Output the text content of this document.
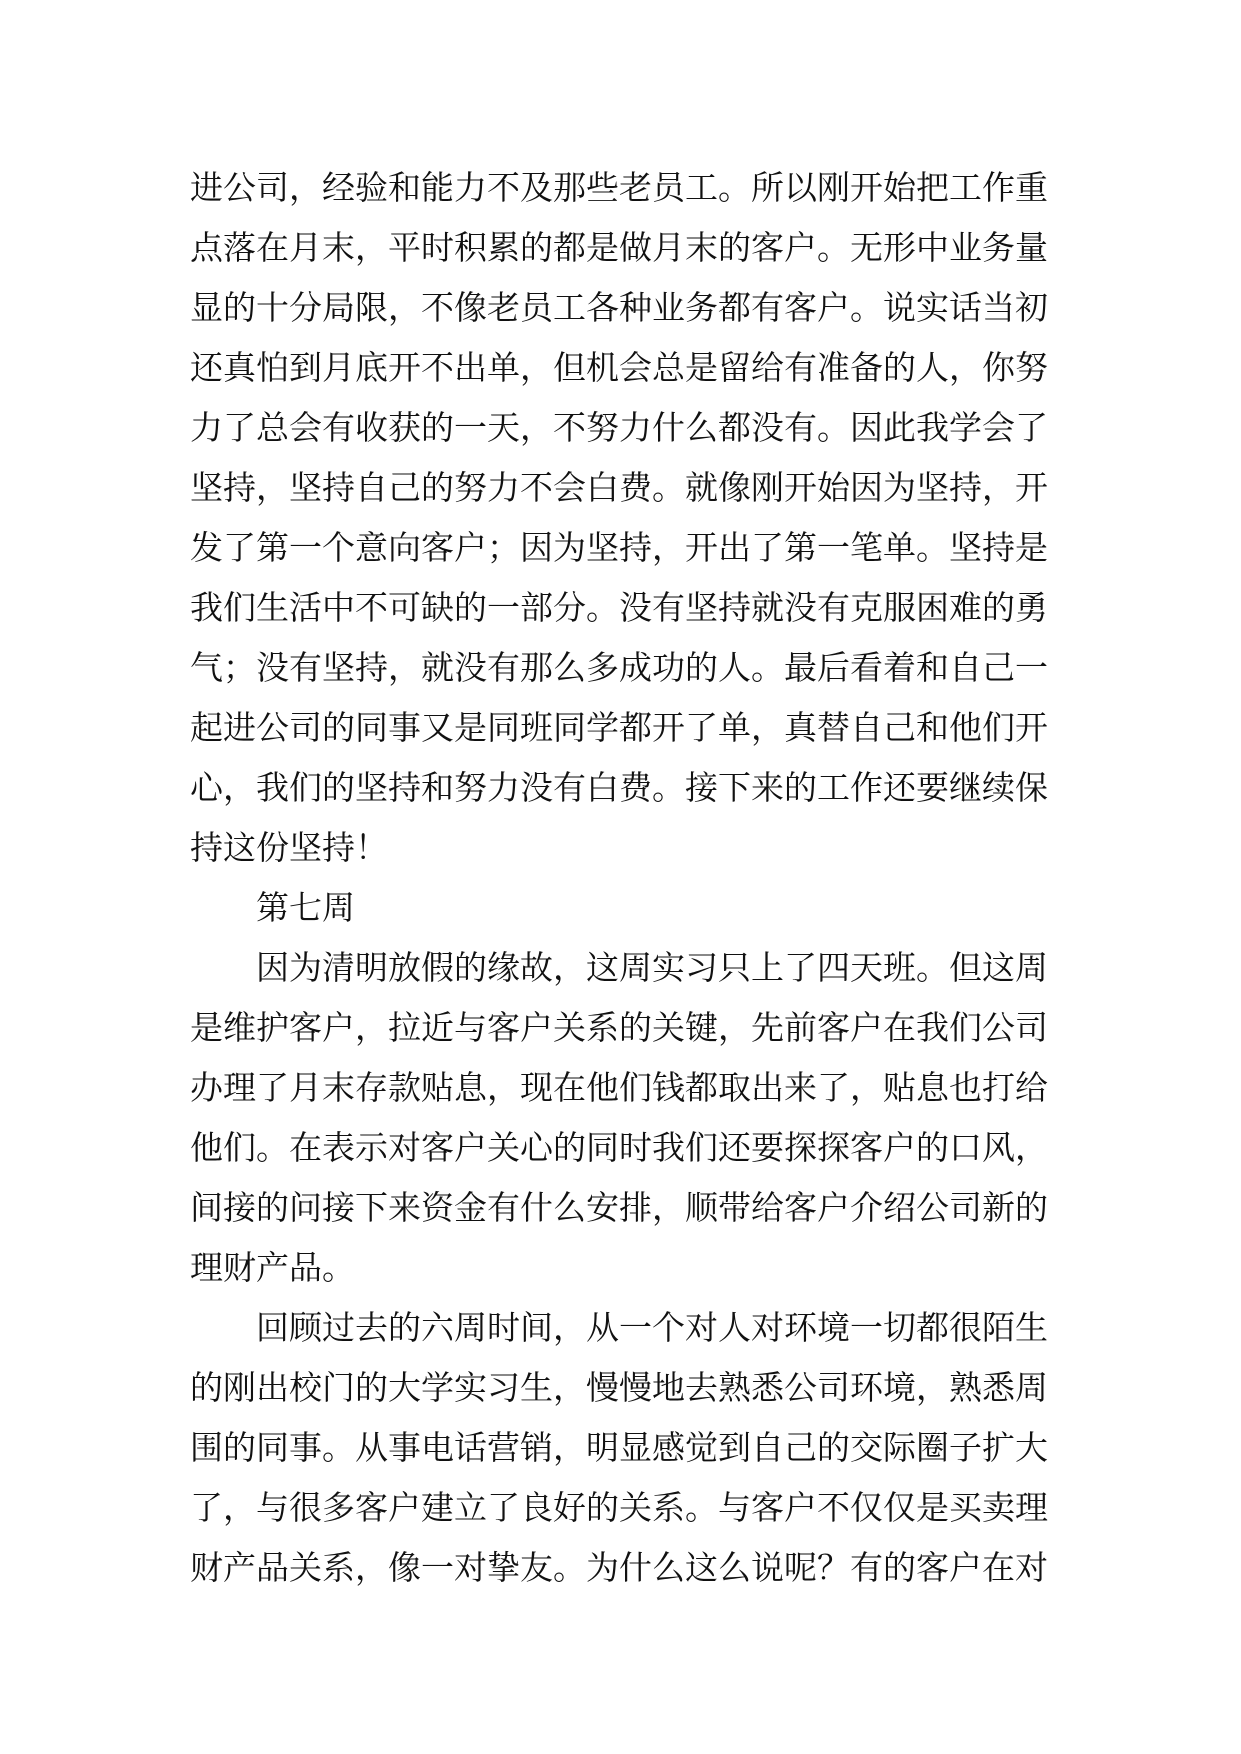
进公司，经验和能力不及那些老员工。所以刚开始把工作重
点落在月末，平时积累的都是做月末的客户。无形中业务量
显的十分局限，不像老员工各种业务都有客户。说实话当初
还真怕到月底开不出单，但机会总是留给有准备的人，你努
力了总会有收获的一天，不努力什么都没有。因此我学会了
坚持，坚持自己的努力不会白费。就像刚开始因为坚持，开
发了第一个意向客户；因为坚持，开出了第一笔单。坚持是
我们生活中不可缺的一部分。没有坚持就没有克服困难的勇
气；没有坚持，就没有那么多成功的人。最后看着和自己一
起进公司的同事又是同班同学都开了单，真替自己和他们开
心，我们的坚持和努力没有白费。接下来的工作还要继续保
持这份坚持！
第七周
因为清明放假的缘故，这周实习只上了四天班。但这周
是维护客户，拉近与客户关系的关键，先前客户在我们公司
办理了月末存款贴息，现在他们钱都取出来了，贴息也打给
他们。在表示对客户关心的同时我们还要探探客户的口风，
间接的问接下来资金有什么安排，顺带给客户介绍公司新的
理财产品。
回顾过去的六周时间，从一个对人对环境一切都很陌生
的刚出校门的大学实习生，慢慢地去熟悉公司环境，熟悉周
围的同事。从事电话营销，明显感觉到自己的交际圈子扩大
了，与很多客户建立了良好的关系。与客户不仅仅是买卖理
财产品关系，像一对挚友。为什么这么说呢？有的客户在对
